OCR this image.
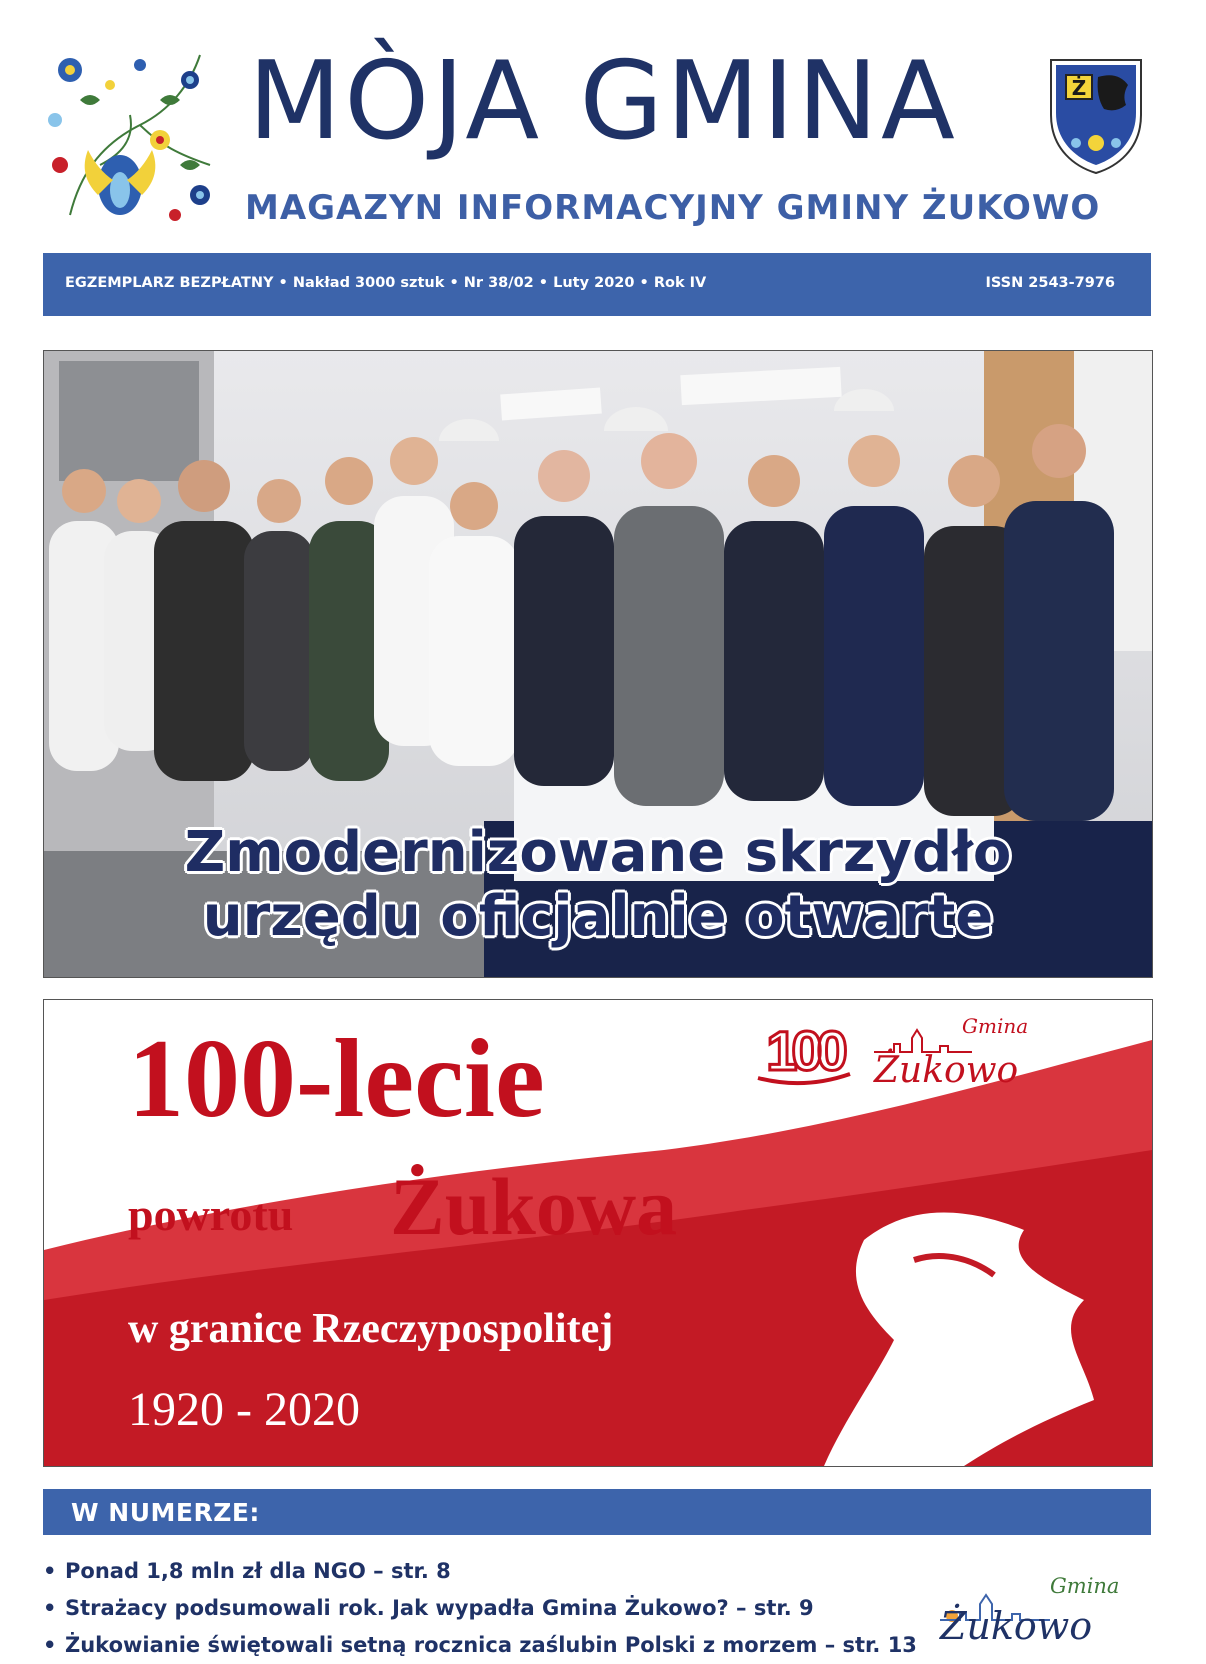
MÒJA GMINA
MAGAZYN INFORMACYJNY GMINY ŻUKOWO
Ż
EGZEMPLARZ BEZPŁATNY • Nakład 3000 sztuk • Nr 38/02 • Luty 2020 • Rok IV	ISSN 2543-7976
Zmodernizowane skrzydło
urzędu oficjalnie otwarte
100-lecie
powrotu Żukowa
w granice Rzeczypospolitej
1920 - 2020
100	Gmina
Żukowo
W NUMERZE:
• Ponad 1,8 mln zł dla NGO – str. 8
• Strażacy podsumowali rok. Jak wypadła Gmina Żukowo? – str. 9
• Żukowianie świętowali setną rocznica zaślubin Polski z morzem – str. 13
Gmina
Żukowo
